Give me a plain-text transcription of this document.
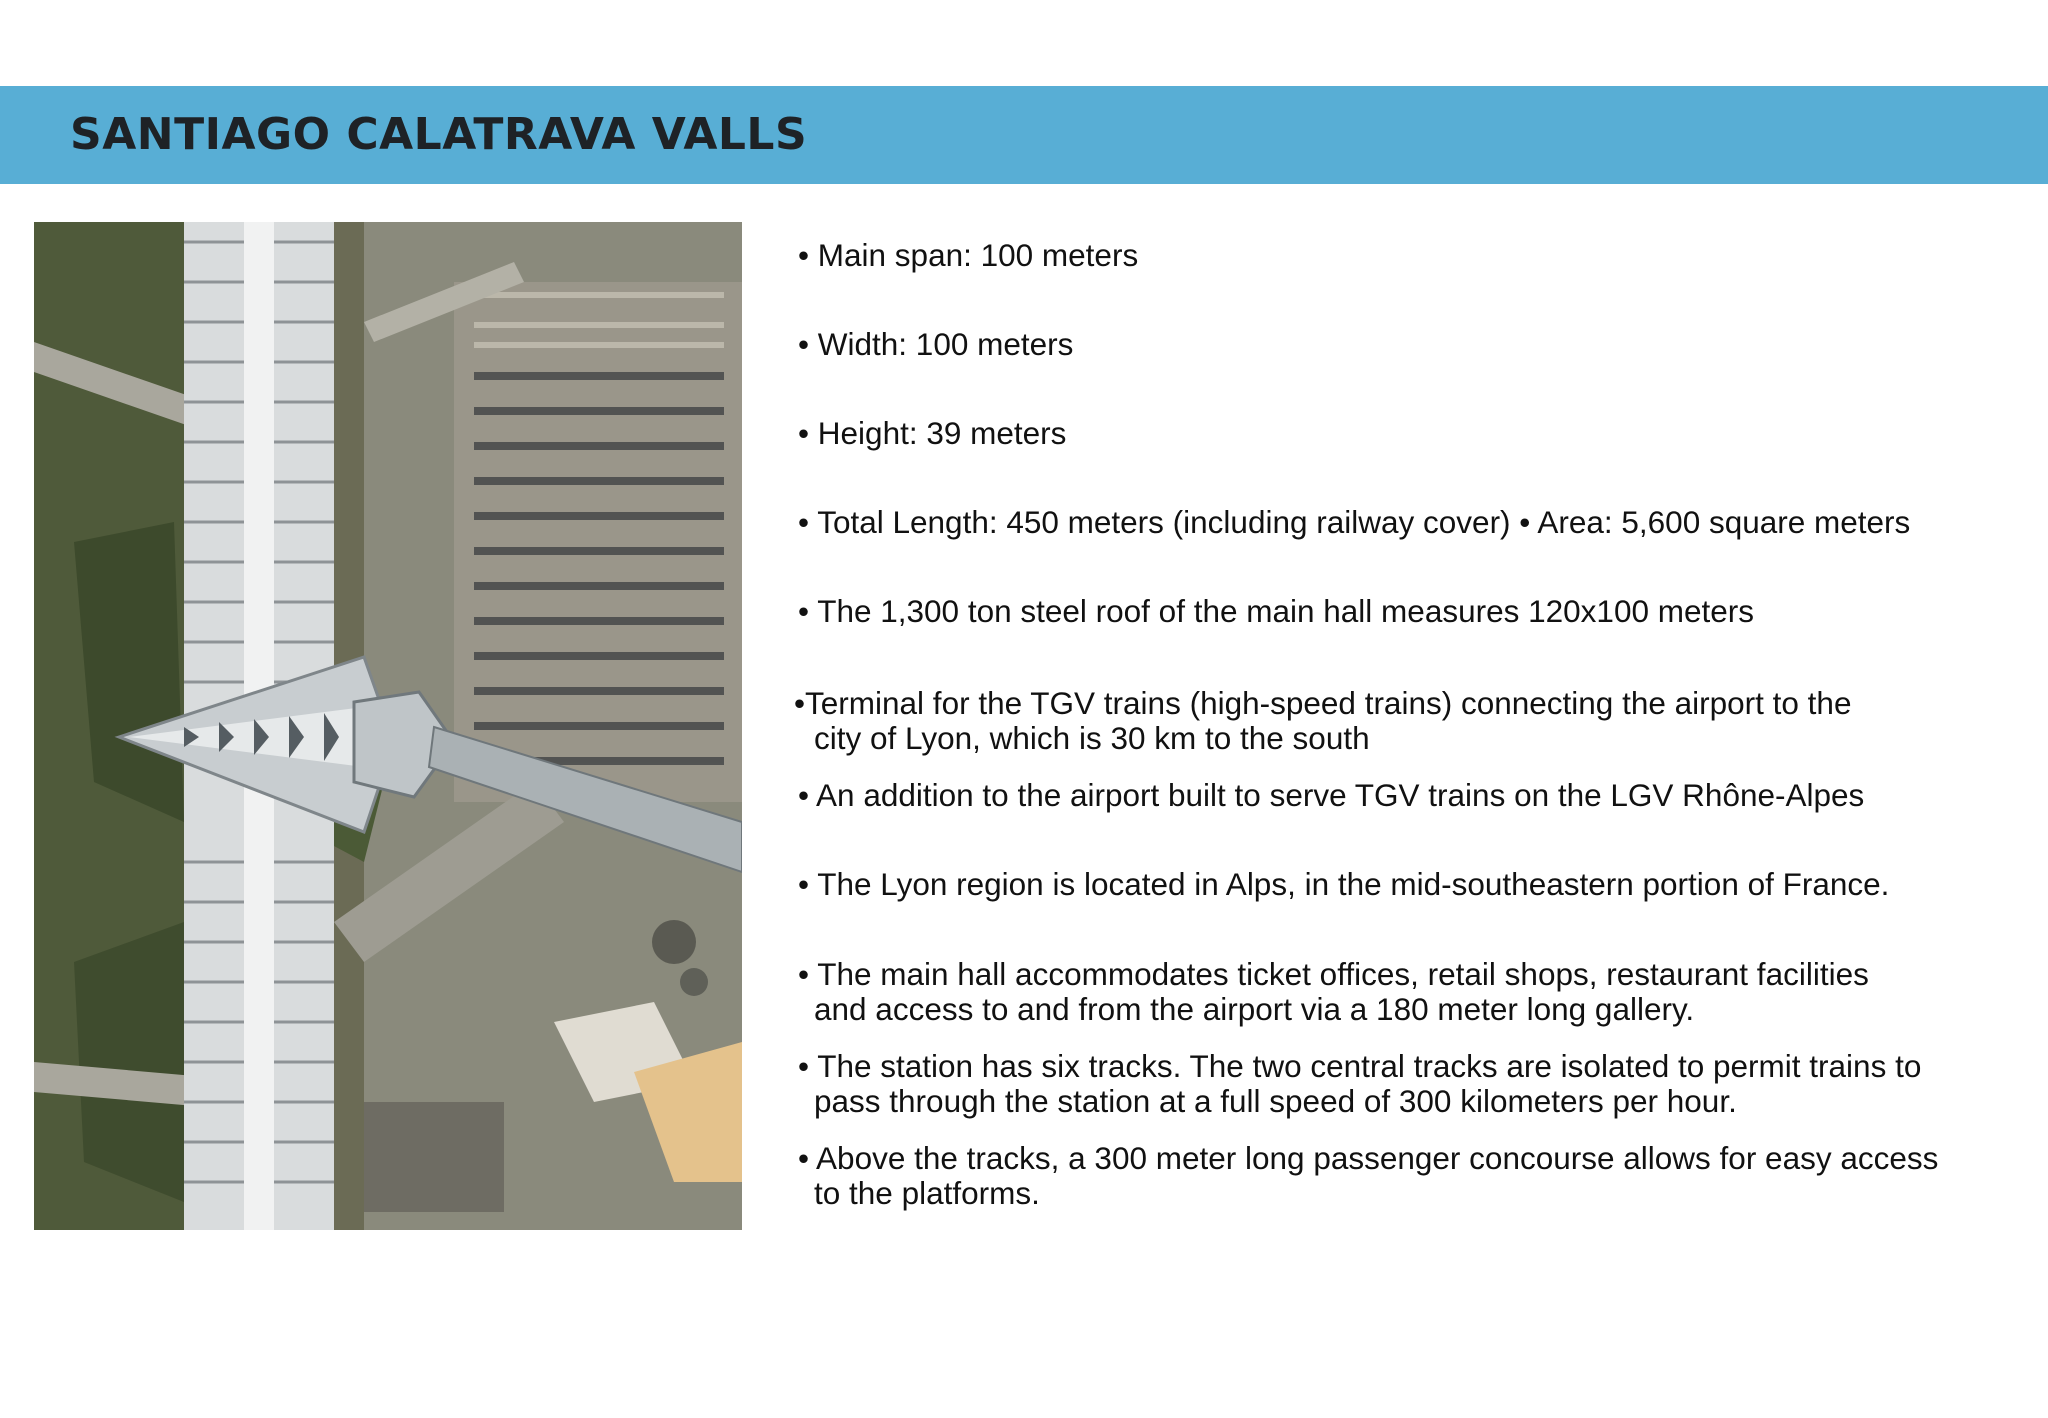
SANTIAGO CALATRAVA VALLS

• Main span: 100 meters

• Width: 100 meters

• Height: 39 meters

• Total Length: 450 meters (including railway cover) • Area: 5,600 square meters

• The 1,300 ton steel roof of the main hall measures 120x100 meters

•Terminal for the TGV trains (high-speed trains) connecting the airport to the
city of Lyon, which is 30 km to the south

• An addition to the airport built to serve TGV trains on the LGV Rhône-Alpes

• The Lyon region is located in Alps, in the mid-southeastern portion of France.

• The main hall accommodates ticket offices, retail shops, restaurant facilities
and access to and from the airport via a 180 meter long gallery.

• The station has six tracks. The two central tracks are isolated to permit trains to
pass through the station at a full speed of 300 kilometers per hour.

• Above the tracks, a 300 meter long passenger concourse allows for easy access
to the platforms.
